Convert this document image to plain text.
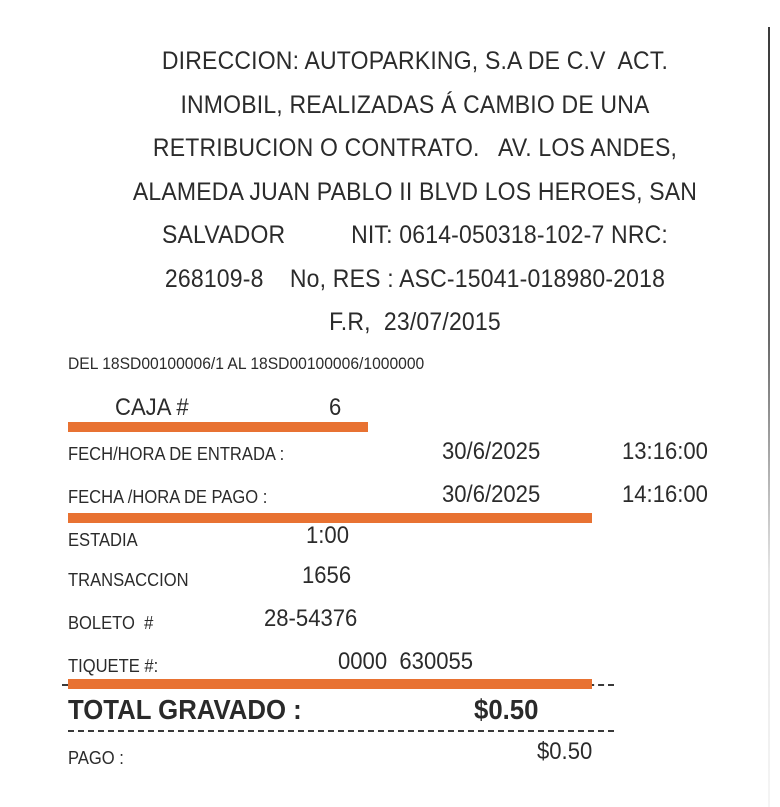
DIRECCION: AUTOPARKING, S.A DE C.V  ACT.
INMOBIL, REALIZADAS Á CAMBIO DE UNA
RETRIBUCION O CONTRATO.   AV. LOS ANDES,
ALAMEDA JUAN PABLO II BLVD LOS HEROES, SAN
SALVADOR          NIT: 0614-050318-102-7 NRC:
268109-8    No, RES : ASC-15041-018980-2018
F.R,  23/07/2015
DEL 18SD00100006/1 AL 18SD00100006/1000000
CAJA #	6
FECH/HORA DE ENTRADA :	30/6/2025	13:16:00
FECHA /HORA DE PAGO :	30/6/2025	14:16:00
ESTADIA	1:00
TRANSACCION	1656
BOLETO  #	28-54376
TIQUETE #:	0000  630055
TOTAL GRAVADO :	$0.50
PAGO :	$0.50
